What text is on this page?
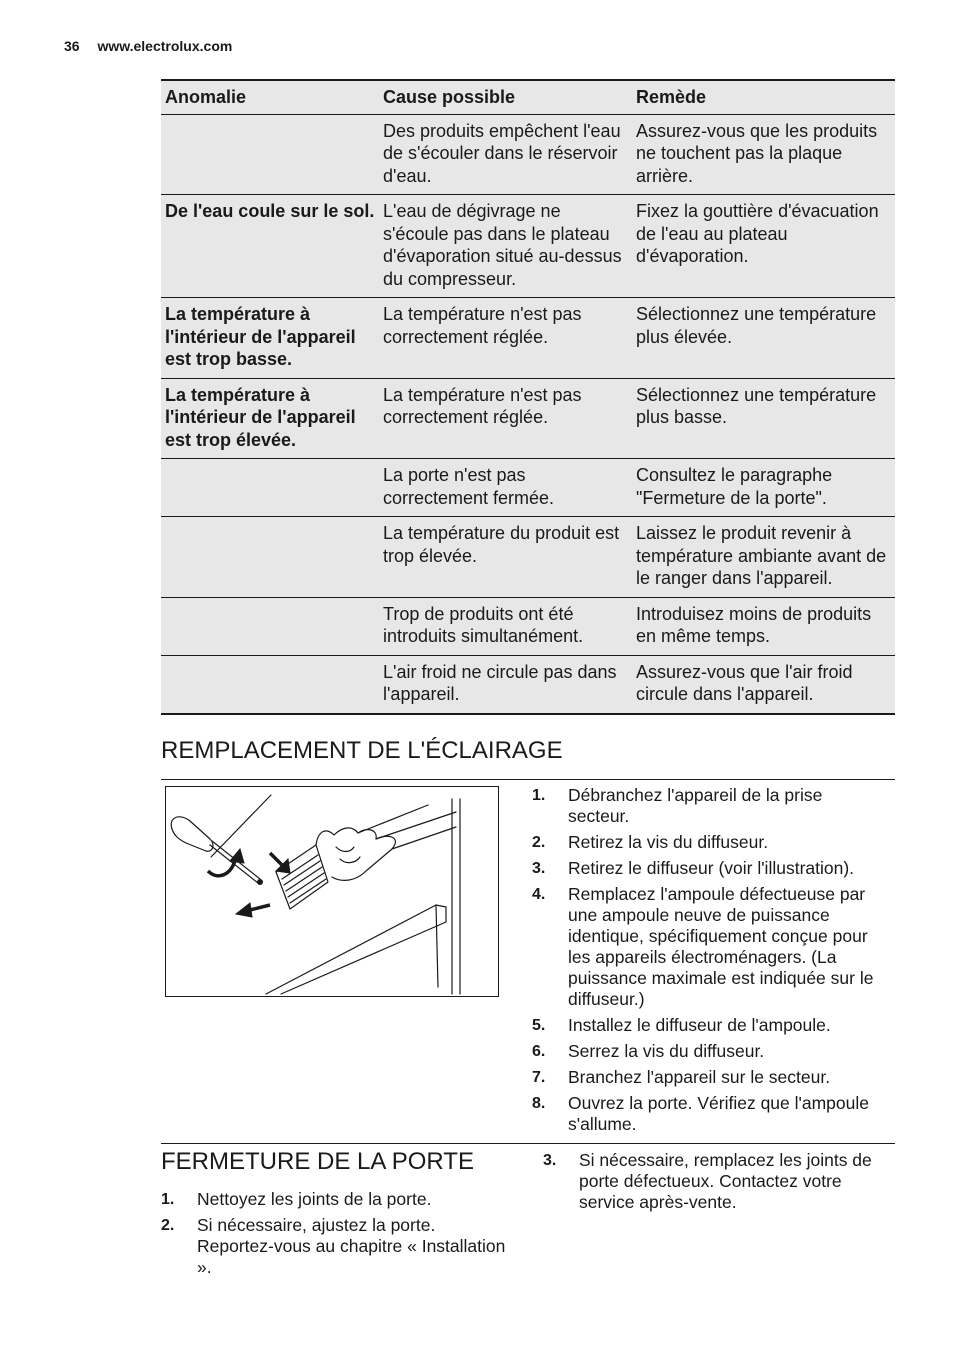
36 www.electrolux.com
Anomalie	Cause possible	Remède
	Des produits empêchent l'eau de s'écouler dans le réservoir d'eau.	Assurez-vous que les produits ne touchent pas la plaque arrière.
De l'eau coule sur le sol.	L'eau de dégivrage ne s'écoule pas dans le plateau d'évaporation situé au-dessus du compresseur.	Fixez la gouttière d'évacuation de l'eau au plateau d'évaporation.
La température à l'intérieur de l'appareil est trop basse.	La température n'est pas correctement réglée.	Sélectionnez une température plus élevée.
La température à l'intérieur de l'appareil est trop élevée.	La température n'est pas correctement réglée.	Sélectionnez une température plus basse.
	La porte n'est pas correctement fermée.	Consultez le paragraphe "Fermeture de la porte".
	La température du produit est trop élevée.	Laissez le produit revenir à température ambiante avant de le ranger dans l'appareil.
	Trop de produits ont été introduits simultanément.	Introduisez moins de produits en même temps.
	L'air froid ne circule pas dans l'appareil.	Assurez-vous que l'air froid circule dans l'appareil.
REMPLACEMENT DE L'ÉCLAIRAGE
1. Débranchez l'appareil de la prise secteur.
2. Retirez la vis du diffuseur.
3. Retirez le diffuseur (voir l'illustration).
4. Remplacez l'ampoule défectueuse par une ampoule neuve de puissance identique, spécifiquement conçue pour les appareils électroménagers. (La puissance maximale est indiquée sur le diffuseur.)
5. Installez le diffuseur de l'ampoule.
6. Serrez la vis du diffuseur.
7. Branchez l'appareil sur le secteur.
8. Ouvrez la porte. Vérifiez que l'ampoule s'allume.
FERMETURE DE LA PORTE
1. Nettoyez les joints de la porte.
2. Si nécessaire, ajustez la porte. Reportez-vous au chapitre « Installation ».
3. Si nécessaire, remplacez les joints de porte défectueux. Contactez votre service après-vente.
